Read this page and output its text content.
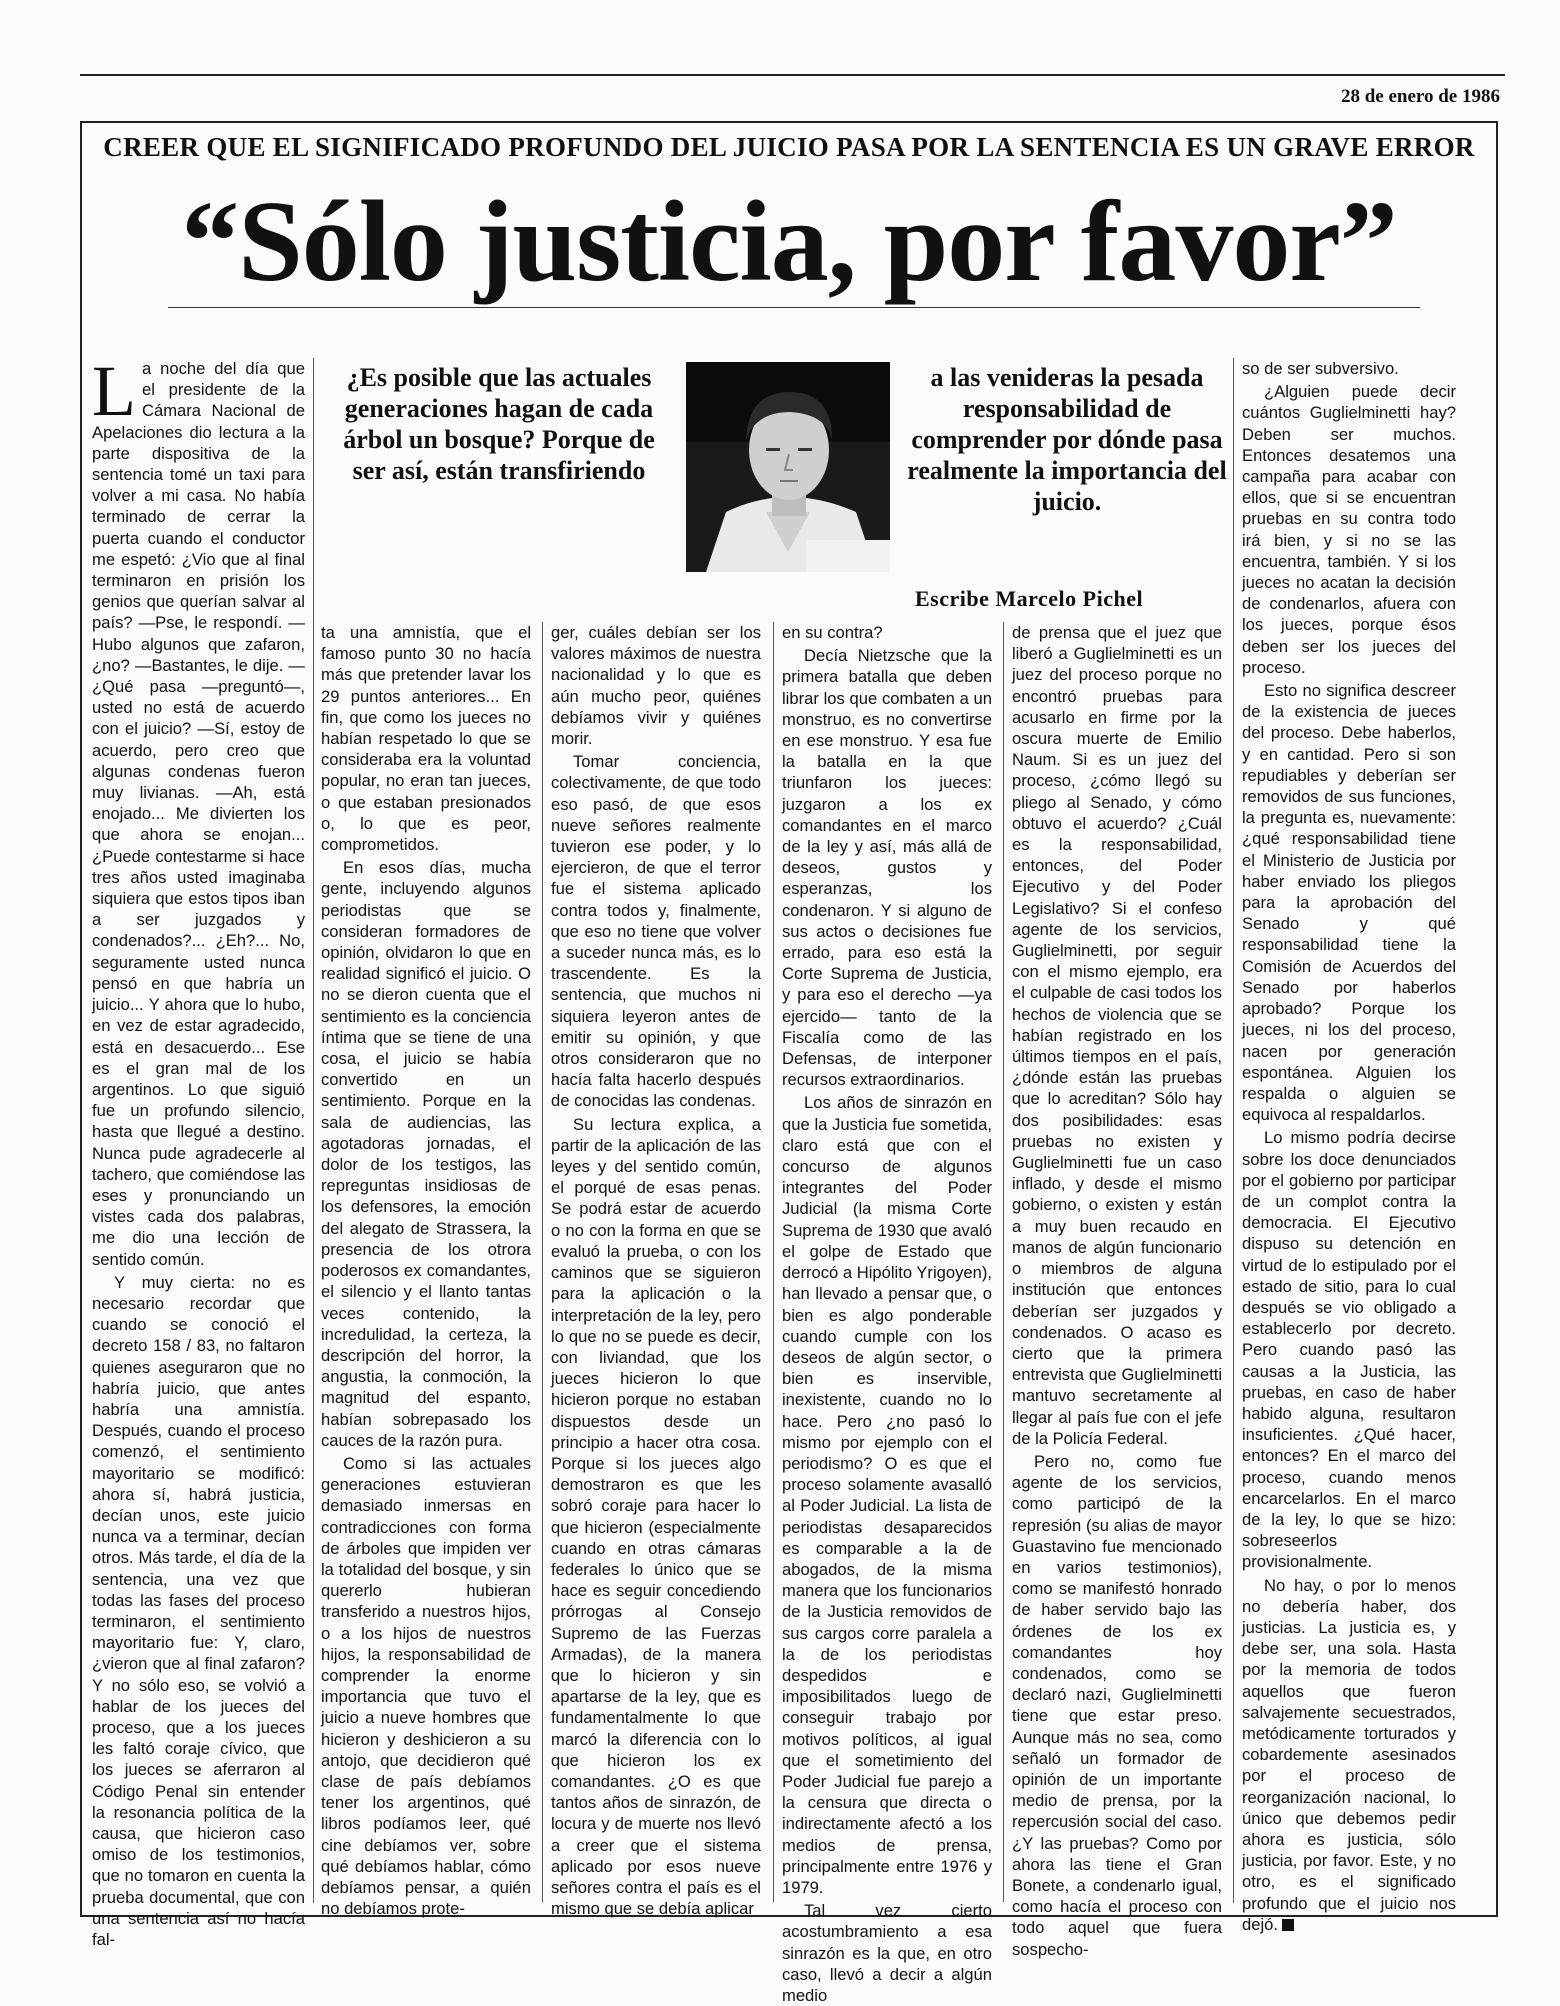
28 de enero de 1986
CREER QUE EL SIGNIFICADO PROFUNDO DEL JUICIO PASA POR LA SENTENCIA ES UN GRAVE ERROR
“Sólo justicia, por favor”

La noche del día que el presidente de la Cámara Nacional de Apelaciones dio lectura a la parte dispositiva de la sentencia tomé un taxi para volver a mi casa. No había terminado de cerrar la puerta cuando el conductor me espetó: ¿Vio que al final terminaron en prisión los genios que querían salvar al país? —Pse, le respondí. —Hubo algunos que zafaron, ¿no? —Bastantes, le dije. —¿Qué pasa —preguntó—, usted no está de acuerdo con el juicio? —Sí, estoy de acuerdo, pero creo que algunas condenas fueron muy livianas. —Ah, está enojado... Me divierten los que ahora se enojan... ¿Puede contestarme si hace tres años usted imaginaba siquiera que estos tipos iban a ser juzgados y condenados?... ¿Eh?... No, seguramente usted nunca pensó en que habría un juicio... Y ahora que lo hubo, en vez de estar agradecido, está en desacuerdo... Ese es el gran mal de los argentinos. Lo que siguió fue un profundo silencio, hasta que llegué a destino. Nunca pude agradecerle al tachero, que comiéndose las eses y pronunciando un vistes cada dos palabras, me dio una lección de sentido común.

Y muy cierta: no es necesario recordar que cuando se conoció el decreto 158 / 83, no faltaron quienes aseguraron que no habría juicio, que antes habría una amnistía. Después, cuando el proceso comenzó, el sentimiento mayoritario se modificó: ahora sí, habrá justicia, decían unos, este juicio nunca va a terminar, decían otros. Más tarde, el día de la sentencia, una vez que todas las fases del proceso terminaron, el sentimiento mayoritario fue: Y, claro, ¿vieron que al final zafaron? Y no sólo eso, se volvió a hablar de los jueces del proceso, que a los jueces les faltó coraje cívico, que los jueces se aferraron al Código Penal sin entender la resonancia política de la causa, que hicieron caso omiso de los testimonios, que no tomaron en cuenta la prueba documental, que con una sentencia así no hacía fal-

ta una amnistía, que el famoso punto 30 no hacía más que pretender lavar los 29 puntos anteriores... En fin, que como los jueces no habían respetado lo que se consideraba era la voluntad popular, no eran tan jueces, o que estaban presionados o, lo que es peor, comprometidos.

En esos días, mucha gente, incluyendo algunos periodistas que se consideran formadores de opinión, olvidaron lo que en realidad significó el juicio. O no se dieron cuenta que el sentimiento es la conciencia íntima que se tiene de una cosa, el juicio se había convertido en un sentimiento. Porque en la sala de audiencias, las agotadoras jornadas, el dolor de los testigos, las repreguntas insidiosas de los defensores, la emoción del alegato de Strassera, la presencia de los otrora poderosos ex comandantes, el silencio y el llanto tantas veces contenido, la incredulidad, la certeza, la descripción del horror, la angustia, la conmoción, la magnitud del espanto, habían sobrepasado los cauces de la razón pura.

Como si las actuales generaciones estuvieran demasiado inmersas en contradicciones con forma de árboles que impiden ver la totalidad del bosque, y sin quererlo hubieran transferido a nuestros hijos, o a los hijos de nuestros hijos, la responsabilidad de comprender la enorme importancia que tuvo el juicio a nueve hombres que hicieron y deshicieron a su antojo, que decidieron qué clase de país debíamos tener los argentinos, qué libros podíamos leer, qué cine debíamos ver, sobre qué debíamos hablar, cómo debíamos pensar, a quién no debíamos prote-

ger, cuáles debían ser los valores máximos de nuestra nacionalidad y lo que es aún mucho peor, quiénes debíamos vivir y quiénes morir.

Tomar conciencia, colectivamente, de que todo eso pasó, de que esos nueve señores realmente tuvieron ese poder, y lo ejercieron, de que el terror fue el sistema aplicado contra todos y, finalmente, que eso no tiene que volver a suceder nunca más, es lo trascendente. Es la sentencia, que muchos ni siquiera leyeron antes de emitir su opinión, y que otros consideraron que no hacía falta hacerlo después de conocidas las condenas.

Su lectura explica, a partir de la aplicación de las leyes y del sentido común, el porqué de esas penas. Se podrá estar de acuerdo o no con la forma en que se evaluó la prueba, o con los caminos que se siguieron para la aplicación o la interpretación de la ley, pero lo que no se puede es decir, con liviandad, que los jueces hicieron lo que hicieron porque no estaban dispuestos desde un principio a hacer otra cosa. Porque si los jueces algo demostraron es que les sobró coraje para hacer lo que hicieron (especialmente cuando en otras cámaras federales lo único que se hace es seguir concediendo prórrogas al Consejo Supremo de las Fuerzas Armadas), de la manera que lo hicieron y sin apartarse de la ley, que es fundamentalmente lo que marcó la diferencia con lo que hicieron los ex comandantes. ¿O es que tantos años de sinrazón, de locura y de muerte nos llevó a creer que el sistema aplicado por esos nueve señores contra el país es el mismo que se debía aplicar

en su contra?

Decía Nietzsche que la primera batalla que deben librar los que combaten a un monstruo, es no convertirse en ese monstruo. Y esa fue la batalla en la que triunfaron los jueces: juzgaron a los ex comandantes en el marco de la ley y así, más allá de deseos, gustos y esperanzas, los condenaron. Y si alguno de sus actos o decisiones fue errado, para eso está la Corte Suprema de Justicia, y para eso el derecho —ya ejercido— tanto de la Fiscalía como de las Defensas, de interponer recursos extraordinarios.

Los años de sinrazón en que la Justicia fue sometida, claro está que con el concurso de algunos integrantes del Poder Judicial (la misma Corte Suprema de 1930 que avaló el golpe de Estado que derrocó a Hipólito Yrigoyen), han llevado a pensar que, o bien es algo ponderable cuando cumple con los deseos de algún sector, o bien es inservible, inexistente, cuando no lo hace. Pero ¿no pasó lo mismo por ejemplo con el periodismo? O es que el proceso solamente avasalló al Poder Judicial. La lista de periodistas desaparecidos es comparable a la de abogados, de la misma manera que los funcionarios de la Justicia removidos de sus cargos corre paralela a la de los periodistas despedidos e imposibilitados luego de conseguir trabajo por motivos políticos, al igual que el sometimiento del Poder Judicial fue parejo a la censura que directa o indirectamente afectó a los medios de prensa, principalmente entre 1976 y 1979.

Tal vez cierto acostumbramiento a esa sinrazón es la que, en otro caso, llevó a decir a algún medio

de prensa que el juez que liberó a Guglielminetti es un juez del proceso porque no encontró pruebas para acusarlo en firme por la oscura muerte de Emilio Naum. Si es un juez del proceso, ¿cómo llegó su pliego al Senado, y cómo obtuvo el acuerdo? ¿Cuál es la responsabilidad, entonces, del Poder Ejecutivo y del Poder Legislativo? Si el confeso agente de los servicios, Guglielminetti, por seguir con el mismo ejemplo, era el culpable de casi todos los hechos de violencia que se habían registrado en los últimos tiempos en el país, ¿dónde están las pruebas que lo acreditan? Sólo hay dos posibilidades: esas pruebas no existen y Guglielminetti fue un caso inflado, y desde el mismo gobierno, o existen y están a muy buen recaudo en manos de algún funcionario o miembros de alguna institución que entonces deberían ser juzgados y condenados. O acaso es cierto que la primera entrevista que Guglielminetti mantuvo secretamente al llegar al país fue con el jefe de la Policía Federal.

Pero no, como fue agente de los servicios, como participó de la represión (su alias de mayor Guastavino fue mencionado en varios testimonios), como se manifestó honrado de haber servido bajo las órdenes de los ex comandantes hoy condenados, como se declaró nazi, Guglielminetti tiene que estar preso. Aunque más no sea, como señaló un formador de opinión de un importante medio de prensa, por la repercusión social del caso. ¿Y las pruebas? Como por ahora las tiene el Gran Bonete, a condenarlo igual, como hacía el proceso con todo aquel que fuera sospecho-

so de ser subversivo.

¿Alguien puede decir cuántos Guglielminetti hay? Deben ser muchos. Entonces desatemos una campaña para acabar con ellos, que si se encuentran pruebas en su contra todo irá bien, y si no se las encuentra, también. Y si los jueces no acatan la decisión de condenarlos, afuera con los jueces, porque ésos deben ser los jueces del proceso.

Esto no significa descreer de la existencia de jueces del proceso. Debe haberlos, y en cantidad. Pero si son repudiables y deberían ser removidos de sus funciones, la pregunta es, nuevamente: ¿qué responsabilidad tiene el Ministerio de Justicia por haber enviado los pliegos para la aprobación del Senado y qué responsabilidad tiene la Comisión de Acuerdos del Senado por haberlos aprobado? Porque los jueces, ni los del proceso, nacen por generación espontánea. Alguien los respalda o alguien se equivoca al respaldarlos.

Lo mismo podría decirse sobre los doce denunciados por el gobierno por participar de un complot contra la democracia. El Ejecutivo dispuso su detención en virtud de lo estipulado por el estado de sitio, para lo cual después se vio obligado a establecerlo por decreto. Pero cuando pasó las causas a la Justicia, las pruebas, en caso de haber habido alguna, resultaron insuficientes. ¿Qué hacer, entonces? En el marco del proceso, cuando menos encarcelarlos. En el marco de la ley, lo que se hizo: sobreseerlos provisionalmente.

No hay, o por lo menos no debería haber, dos justicias. La justicia es, y debe ser, una sola. Hasta por la memoria de todos aquellos que fueron salvajemente secuestrados, metódicamente torturados y cobardemente asesinados por el proceso de reorganización nacional, lo único que debemos pedir ahora es justicia, sólo justicia, por favor. Este, y no otro, es el significado profundo que el juicio nos dejó.

¿Es posible que las actuales generaciones hagan de cada árbol un bosque? Porque de ser así, están transfiriendo
a las venideras la pesada responsabilidad de comprender por dónde pasa realmente la importancia del juicio.
Escribe Marcelo Pichel
